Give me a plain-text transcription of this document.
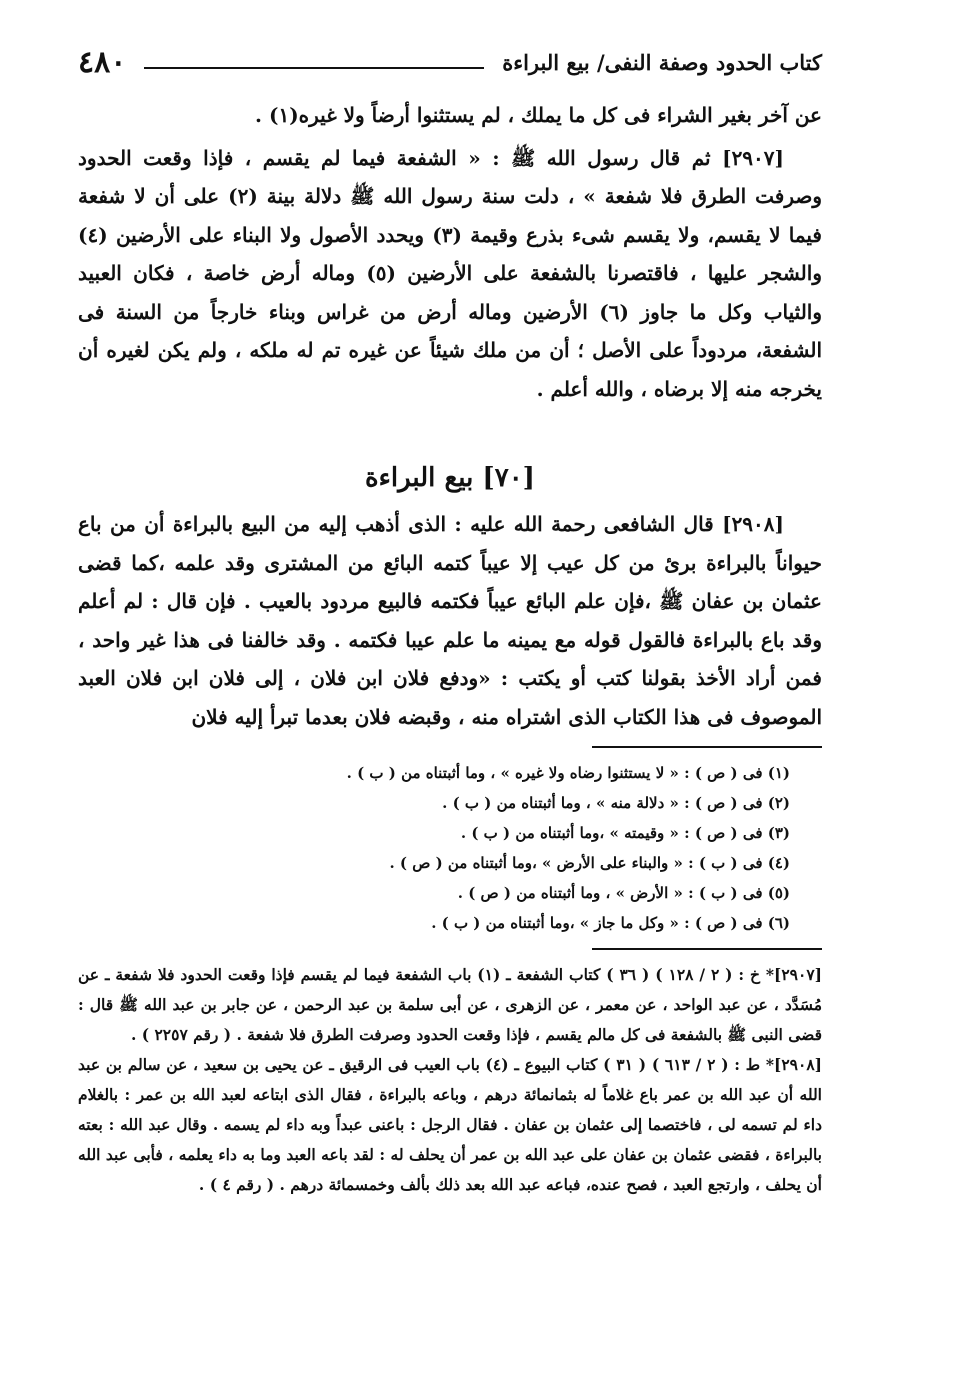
كتاب الحدود وصفة النفى/ بيع البراءة
٤٨٠

عن آخر بغير الشراء فى كل ما يملك ، لم يستثنوا أرضاً ولا غيره(١) .

[٢٩٠٧] ثم قال رسول الله ﷺ : « الشفعة فيما لم يقسم ، فإذا وقعت الحدود وصرفت الطرق فلا شفعة » ، دلت سنة رسول الله ﷺ دلالة بينة (٢) على أن لا شفعة فيما لا يقسم، ولا يقسم شىء بذرع وقيمة (٣) ويحدد الأصول ولا البناء على الأرضين (٤) والشجر عليها ، فاقتصرنا بالشفعة على الأرضين (٥) وماله أرض خاصة ، فكان العبيد والثياب وكل ما جاوز (٦) الأرضين وماله أرض من غراس وبناء خارجاً من السنة فى الشفعة، مردوداً على الأصل ؛ أن من ملك شيئاً عن غيره تم له ملكه ، ولم يكن لغيره أن يخرجه منه إلا برضاه ، والله أعلم .

[٧٠] بيع البراءة

[٢٩٠٨] قال الشافعى رحمة الله عليه : الذى أذهب إليه من البيع بالبراءة أن من باع حيواناً بالبراءة برئ من كل عيب إلا عيباً كتمه البائع من المشترى وقد علمه ،كما قضى عثمان بن عفان ﷺ ،فإن علم البائع عيباً فكتمه فالبيع مردود بالعيب . فإن قال : لم أعلم وقد باع بالبراءة فالقول قوله مع يمينه ما علم عيبا فكتمه . وقد خالفنا فى هذا غير واحد ، فمن أراد الأخذ بقولنا كتب أو يكتب : «ودفع فلان ابن فلان ، إلى فلان ابن فلان العبد الموصوف فى هذا الكتاب الذى اشتراه منه ، وقبضه فلان بعدما تبرأ إليه فلان

(١) فى ( ص ) : « لا يستثنوا رضاه ولا غيره » ، وما أثبتناه من ( ب ) .
(٢) فى ( ص ) : « دلالة منه » ، وما أثبتناه من ( ب ) .
(٣) فى ( ص ) : « وقيمته » ،وما أثبتناه من ( ب ) .
(٤) فى ( ب ) : « والبناء على الأرض » ،وما أثبتناه من ( ص ) .
(٥) فى ( ب ) : « الأرض » ، وما أثبتناه من ( ص ) .
(٦) فى ( ص ) : « وكل ما جاز » ،وما أثبتناه من ( ب ) .

[٢٩٠٧]* خ : ( ٢ / ١٢٨ ) ( ٣٦ ) كتاب الشفعة ـ (١) باب الشفعة فيما لم يقسم فإذا وقعت الحدود فلا شفعة ـ عن مُسَدَّد ، عن عبد الواحد ، عن معمر ، عن الزهرى ، عن أبى سلمة بن عبد الرحمن ، عن جابر بن عبد الله ﷺ قال : قضى النبى ﷺ بالشفعة فى كل مالم يقسم ، فإذا وقعت الحدود وصرفت الطرق فلا شفعة . ( رقم ٢٢٥٧ ) .

[٢٩٠٨]* ط : ( ٢ / ٦١٣ ) ( ٣١ ) كتاب البيوع ـ (٤) باب العيب فى الرقيق ـ عن يحيى بن سعيد ، عن سالم بن عبد الله أن عبد الله بن عمر باع غلاماً له بثمانمائة درهم ، وباعه بالبراءة ، فقال الذى ابتاعه لعبد الله بن عمر : بالغلام داء لم تسمه لى ، فاختصما إلى عثمان بن عفان . فقال الرجل : باعنى عبداً وبه داء لم يسمه . وقال عبد الله : بعته بالبراءة ، فقضى عثمان بن عفان على عبد الله بن عمر أن يحلف له : لقد باعه العبد وما به داء يعلمه ، فأبى عبد الله أن يحلف ، وارتجع العبد ، فصح عنده، فباعه عبد الله بعد ذلك بألف وخمسمائة درهم . ( رقم ٤ ) .
